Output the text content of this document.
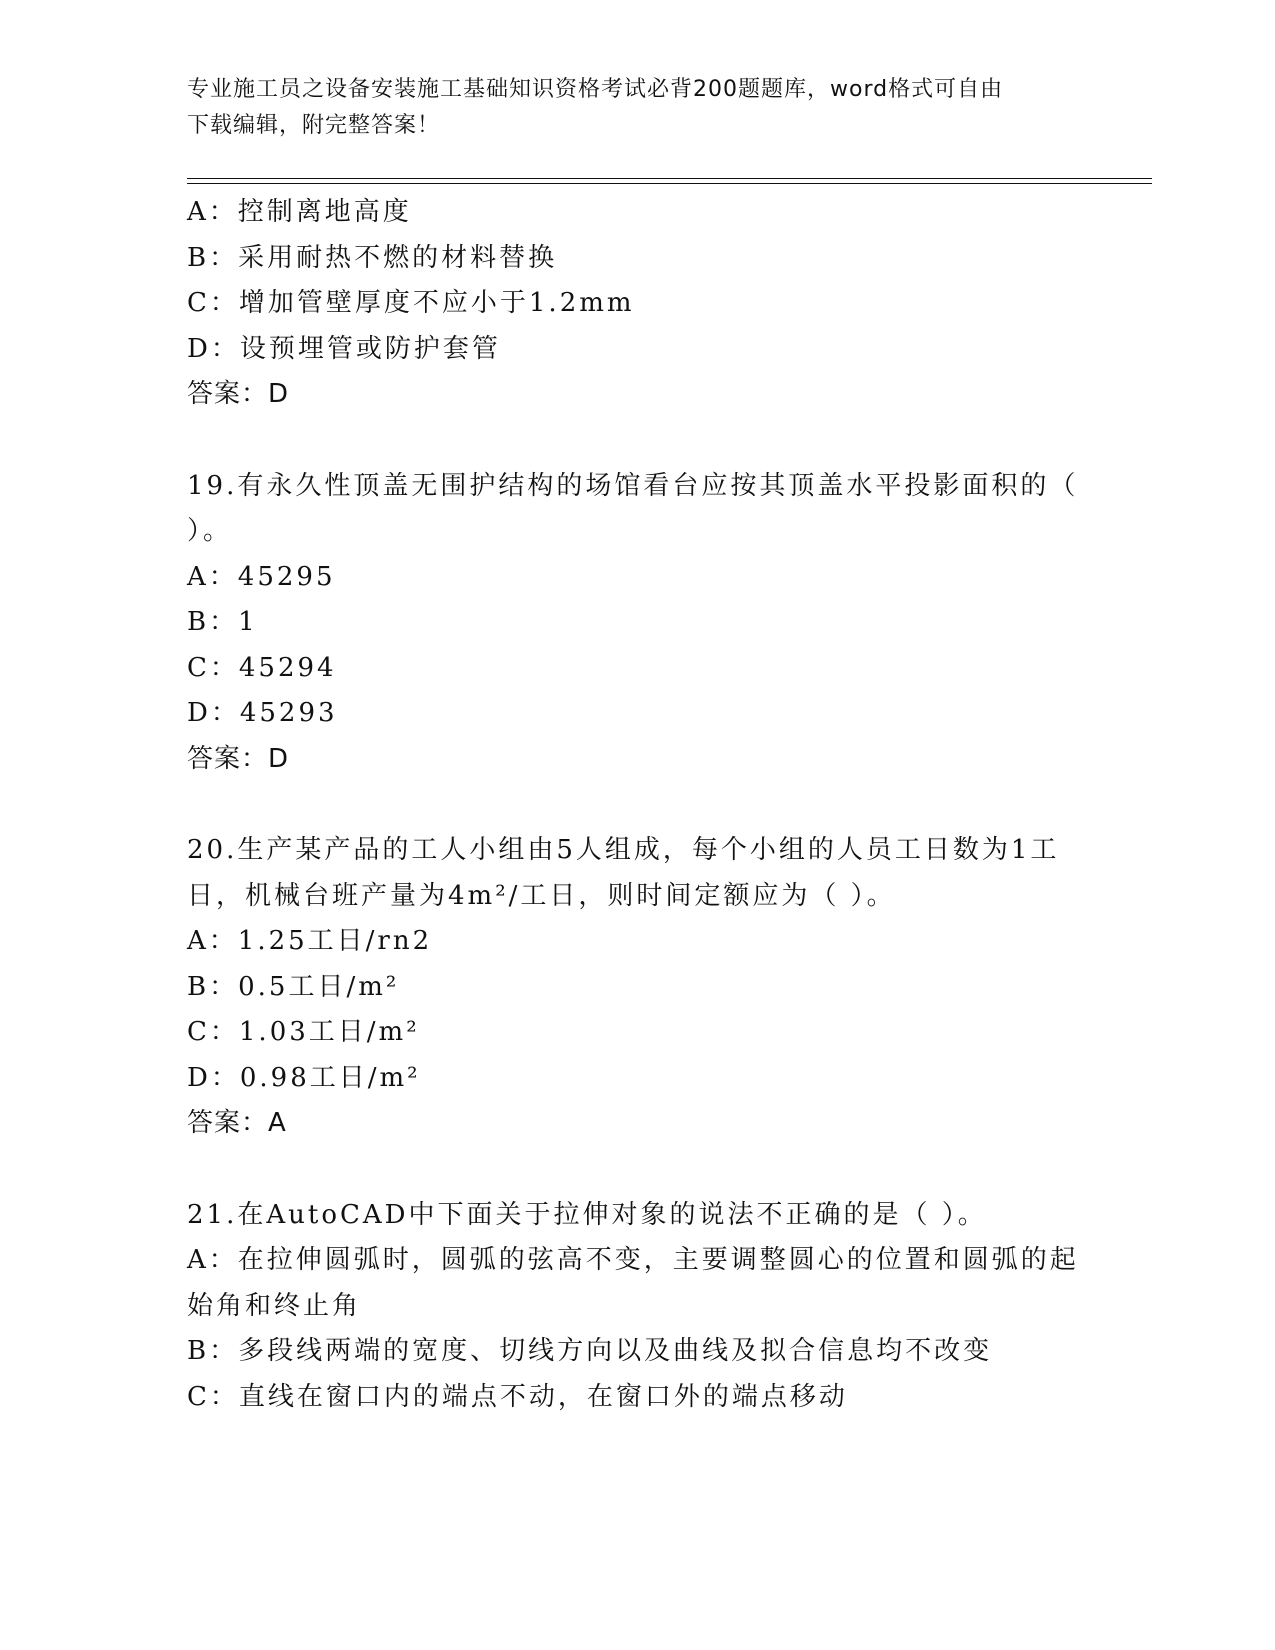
专业施工员之设备安装施工基础知识资格考试必背200题题库，word格式可自由
下载编辑，附完整答案！
A：控制离地高度
B：采用耐热不燃的材料替换
C：增加管壁厚度不应小于1.2mm
D：设预埋管或防护套管
答案：D
19.有永久性顶盖无围护结构的场馆看台应按其顶盖水平投影面积的（
）。
A：45295
B：1
C：45294
D：45293
答案：D
20.生产某产品的工人小组由5人组成，每个小组的人员工日数为1工
日，机械台班产量为4m²/工日，则时间定额应为（ ）。
A：1.25工日/rn2
B：0.5工日/m²
C：1.03工日/m²
D：0.98工日/m²
答案：A
21.在AutoCAD中下面关于拉伸对象的说法不正确的是（ ）。
A：在拉伸圆弧时，圆弧的弦高不变，主要调整圆心的位置和圆弧的起
始角和终止角
B：多段线两端的宽度、切线方向以及曲线及拟合信息均不改变
C：直线在窗口内的端点不动，在窗口外的端点移动
